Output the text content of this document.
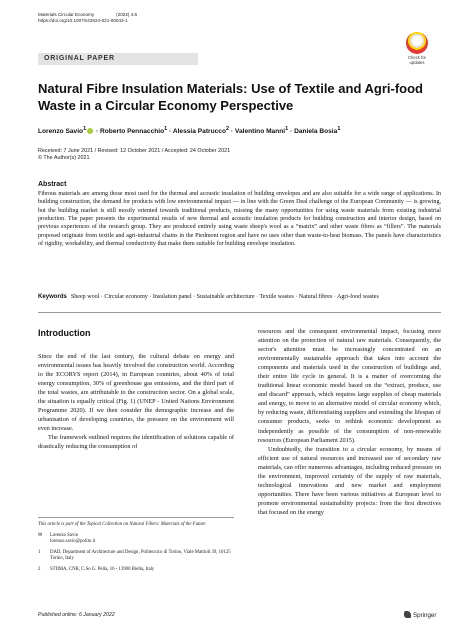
Materials Circular Economy	(2022) 4:6
https://doi.org/10.1007/s42824-021-00043-1
ORIGINAL PAPER	Check for
updates
Natural Fibre Insulation Materials: Use of Textile and Agri-food Waste in a Circular Economy Perspective
Lorenzo Savio$^1$ · Roberto Pennacchio$^1$ · Alessia Patrucco$^2$ · Valentino Manni$^1$ · Daniela Bosia$^1$
Received: 7 June 2021 / Revised: 12 October 2021 / Accepted: 24 October 2021
© The Author(s) 2021
Abstract
Fibrous materials are among those most used for the thermal and acoustic insulation of building envelopes and are also suitable for a wide range of applications. In building construction, the demand for products with low environmental impact — in line with the Green Deal challenge of the European Community — is growing, but the building market is still mostly oriented towards traditional products, missing the many opportunities for using waste materials from existing industrial production. The paper presents the experimental results of new thermal and acoustic insulation products for building construction and interior design, based on previous experiences of the research group. They are produced entirely using waste sheep's wool as a “matrix” and other waste fibres as “fillers”. The materials proposed originate from textile and agri-industrial chains in the Piedmont region and have no uses other than waste-to-heat biomass. The panels have characteristics of rigidity, workability, and thermal conductivity that make them suitable for building envelope insulation.
Keywords Sheep wool · Circular economy · Insulation panel · Sustainable architecture · Textile wastes · Natural fibres · Agri-food wastes
Introduction

Since the end of the last century, the cultural debate on energy and environmental issues has heavily involved the construction world. According to the ECORYS report (2014), in European countries, about 40% of total energy consumption, 30% of greenhouse gas emissions, and the third part of the total wastes, are attributable to the construction sector. On a global scale, the situation is equally critical (Fig. 1) (UNEP - United Nations Environment Programme 2020). If we then consider the demographic increase and the urbanisation of developing countries, the pressure on the environment will even increase.

The framework outlined requires the identification of solutions capable of drastically reducing the consumption of

resources and the consequent environmental impact, focusing more attention on the protection of natural raw materials. Consequently, the sector's attention must be increasingly concentrated on an environmentally sustainable approach that takes into account the components and materials used in the construction of buildings and, their entire life cycle in general. It is a matter of overcoming the traditional linear economic model based on the “extract, produce, use and discard” approach, which requires large supplies of cheap materials and energy, to move to an alternative model of circular economy which, by reducing waste, differentiating suppliers and extending the lifespan of consumer products, seeks to rethink economic development as independently as possible of the consumption of non-renewable resources (European Parliament 2015).

Undoubtedly, the transition to a circular economy, by means of efficient use of natural resources and increased use of secondary raw materials, can offer numerous advantages, including reduced pressure on the environment, improved certainty of the supply of raw materials, technological innovations and new market and employment opportunities. There have been various initiatives at European level to promote environmental sustainability projects: from the first directives that focused on the energy

This article is part of the Topical Collection on Natural Fibers: Materials of the Future
✉	Lorenzo Savio
lorenzo.savio@polito.it
1	DAD, Department of Architecture and Design, Politecnico di Torino, Viale Mattioli 39, 10125 Torino, Italy
2	STIIMA, CNR, C.So G. Pella, 16 - 13900 Biella, Italy
Published online: 6 January 2022	Springer
